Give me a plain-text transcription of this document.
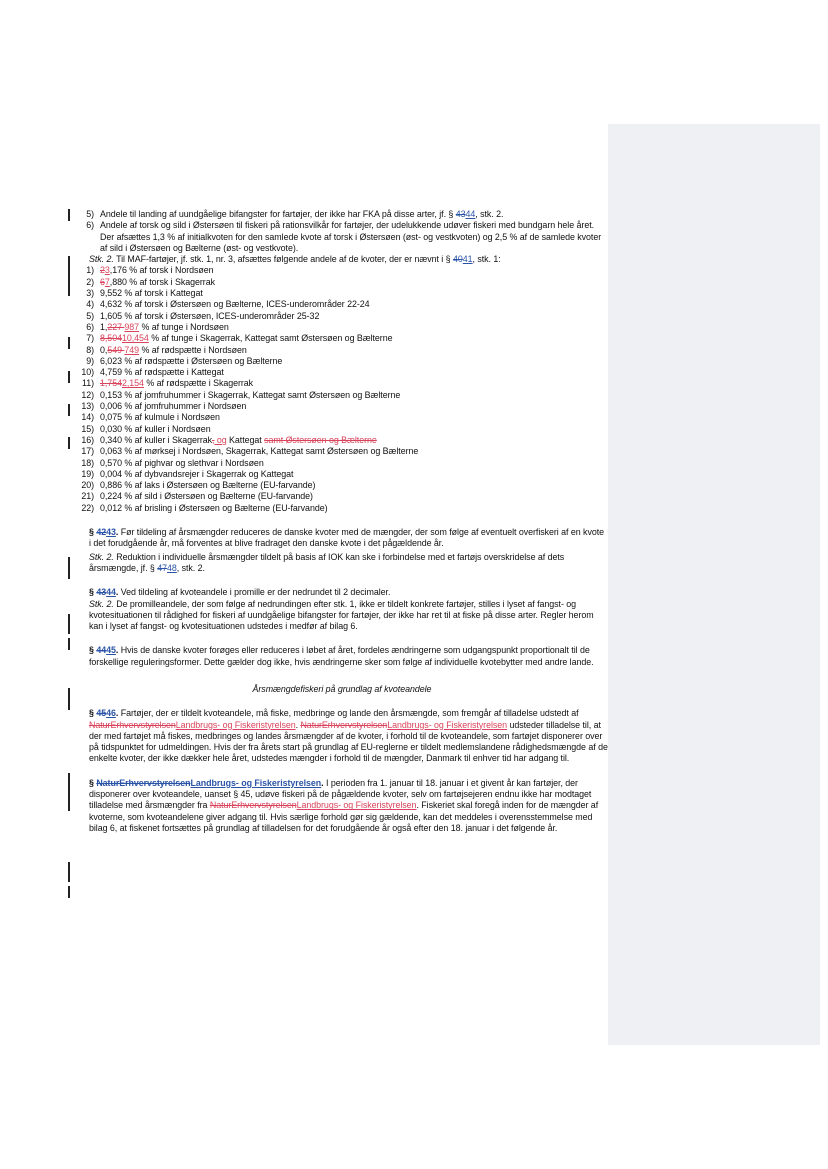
5) Andele til landing af uundgåelige bifangster for fartøjer, der ikke har FKA på disse arter, jf. § 4344, stk. 2.
6) Andele af torsk og sild i Østersøen til fiskeri på rationsvilkår for fartøjer, der udelukkende udøver fiskeri med bundgarn hele året. Der afsættes 1,3 % af initialkvoten for den samlede kvote af torsk i Østersøen (øst- og vestkvoten) og 2,5 % af de samlede kvoter af sild i Østersøen og Bælterne (øst- og vestkvote).
Stk. 2. Til MAF-fartøjer, jf. stk. 1, nr. 3, afsættes følgende andele af de kvoter, der er nævnt i § 4041, stk. 1:
1) 23,176 % af torsk i Nordsøen
2) 67,880 % af torsk i Skagerrak
3) 9,552 % af torsk i Kattegat
4) 4,632 % af torsk i Østersøen og Bælterne, ICES-underområder 22-24
5) 1,605 % af torsk i Østersøen, ICES-underområder 25-32
6) 1,227 987 % af tunge i Nordsøen
7) 8,50410,454 % af tunge i Skagerrak, Kattegat samt Østersøen og Bælterne
8) 0,549 749 % af rødspætte i Nordsøen
9) 6,023 % af rødspætte i Østersøen og Bælterne
10) 4,759 % af rødspætte i Kattegat
11) 1,7542,154 % af rødspætte i Skagerrak
12) 0,153 % af jomfruhummer i Skagerrak, Kattegat samt Østersøen og Bælterne
13) 0,006 % af jomfruhummer i Nordsøen
14) 0,075 % af kulmule i Nordsøen
15) 0,030 % af kuller i Nordsøen
16) 0,340 % af kuller i Skagerrak, og Kattegat samt Østersøen og Bælterne
17) 0,063 % af mørksej i Nordsøen, Skagerrak, Kattegat samt Østersøen og Bælterne
18) 0,570 % af pighvar og slethvar i Nordsøen
19) 0,004 % af dybvandsrejer i Skagerrak og Kattegat
20) 0,886 % af laks i Østersøen og Bælterne (EU-farvande)
21) 0,224 % af sild i Østersøen og Bælterne (EU-farvande)
22) 0,012 % af brisling i Østersøen og Bælterne (EU-farvande)
§ 4243. Før tildeling af årsmængder reduceres de danske kvoter med de mængder, der som følge af eventuelt overfiskeri af en kvote i det forudgående år, må forventes at blive fradraget den danske kvote i det pågældende år.
Stk. 2. Reduktion i individuelle årsmængder tildelt på basis af IOK kan ske i forbindelse med et fartøjs overskridelse af dets årsmængde, jf. § 4748, stk. 2.
§ 4344. Ved tildeling af kvoteandele i promille er der nedrundet til 2 decimaler.
Stk. 2. De promilleandele, der som følge af nedrundingen efter stk. 1, ikke er tildelt konkrete fartøjer, stilles i lyset af fangst- og kvotesituationen til rådighed for fiskeri af uundgåelige bifangster for fartøjer, der ikke har ret til at fiske på disse arter. Regler herom kan i lyset af fangst- og kvotesituationen udstedes i medfør af bilag 6.
§ 4445. Hvis de danske kvoter forøges eller reduceres i løbet af året, fordeles ændringerne som udgangspunkt proportionalt til de forskellige reguleringsformer. Dette gælder dog ikke, hvis ændringerne sker som følge af individuelle kvotebytter med andre lande.
Årsmængdefiskeri på grundlag af kvoteandele
§ 4546. Fartøjer, der er tildelt kvoteandele, må fiske, medbringe og lande den årsmængde, som fremgår af tilladelse udstedt af NaturErhvervstyrelsenLandbrugs- og Fiskeristyrelsen. NaturErhvervstyrelsenLandbrugs- og Fiskeristyrelsen udsteder tilladelse til, at der med fartøjet må fiskes, medbringes og landes årsmængder af de kvoter, i forhold til de kvoteandele, som fartøjet disponerer over på tidspunktet for udmeldingen. Hvis der fra årets start på grundlag af EU-reglerne er tildelt medlemslandene rådighedsmængde af de enkelte kvoter, der ikke dækker hele året, udstedes mængder i forhold til de mængder, Danmark til enhver tid har adgang til.
§ NaturErhvervstyrelsenLandbrugs- og Fiskeristyrelsen. I perioden fra 1. januar til 18. januar i et givent år kan fartøjer, der disponerer over kvoteandele, uanset § 45, udøve fiskeri på de pågældende kvoter, selv om fartøjsejeren endnu ikke har modtaget tilladelse med årsmængder fra NaturErhvervstyrelsenLandbrugs- og Fiskeristyrelsen. Fiskeriet skal foregå inden for de mængder af kvoterne, som kvoteandelene giver adgang til. Hvis særlige forhold gør sig gældende, kan det meddeles i overensstemmelse med bilag 6, at fiskenet fortsættes på grundlag af tilladelsen for det forudgående år også efter den 18. januar i det følgende år.
